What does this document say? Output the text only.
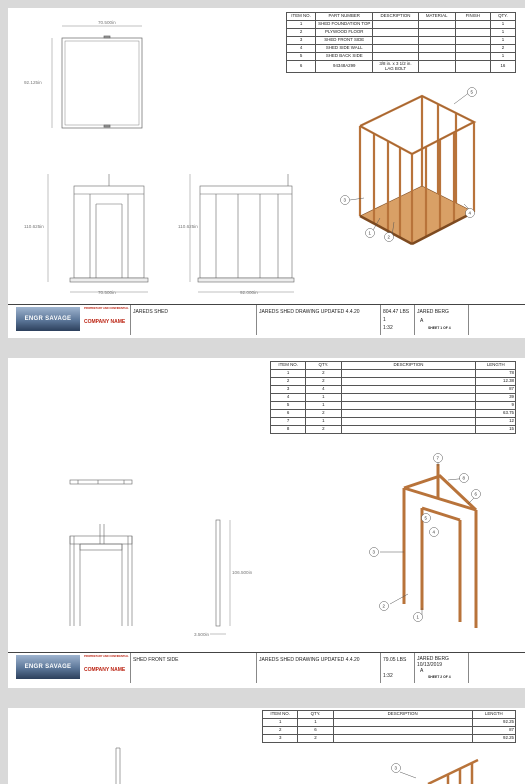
70.500in
92.125in
110.625in
70.500in
110.625in
92.000in
1
2
3
4
5
ITEM NO.	PART NUMBER	DESCRIPTION	MATERIAL	FINISH	QTY.
1	SHED FOUNDATION TOP				1
2	PLYWOOD FLOOR				1
3	SHED FRONT SIDE				1
4	SHED SIDE WALL				2
5	SHED BACK SIDE				1
6	94348A299	3/8 in. x 3 1/2 in. LAG BOLT			16
ENGR SAVAGE
PROPRIETARY AND CONFIDENTIAL
COMPANY NAME
JAREDS SHED	JAREDS SHED DRAWING UPDATED 4.4.20	804.47 LBS
1
1:32
JARED BERG
A
SHEET 1 OF 4
106.500in
3.500in
1
2
3
4
5
6
7
8
ITEM NO.	QTY.	DESCRIPTION	LENGTH
1	2		78
2	2		12.38
3	4		87
4	1		39
5	1		9
6	2		63.75
7	1		12
8	2		15
ENGR SAVAGE
PROPRIETARY AND CONFIDENTIAL
COMPANY NAME
SHED FRONT SIDE	JAREDS SHED DRAWING UPDATED 4.4.20	79.05 LBS
1:32
JARED BERG
10/13/2019
A
SHEET 2 OF 4
3
ITEM NO.	QTY.	DESCRIPTION	LENGTH
1	1		92.25
2	6		87
3	2		92.25
